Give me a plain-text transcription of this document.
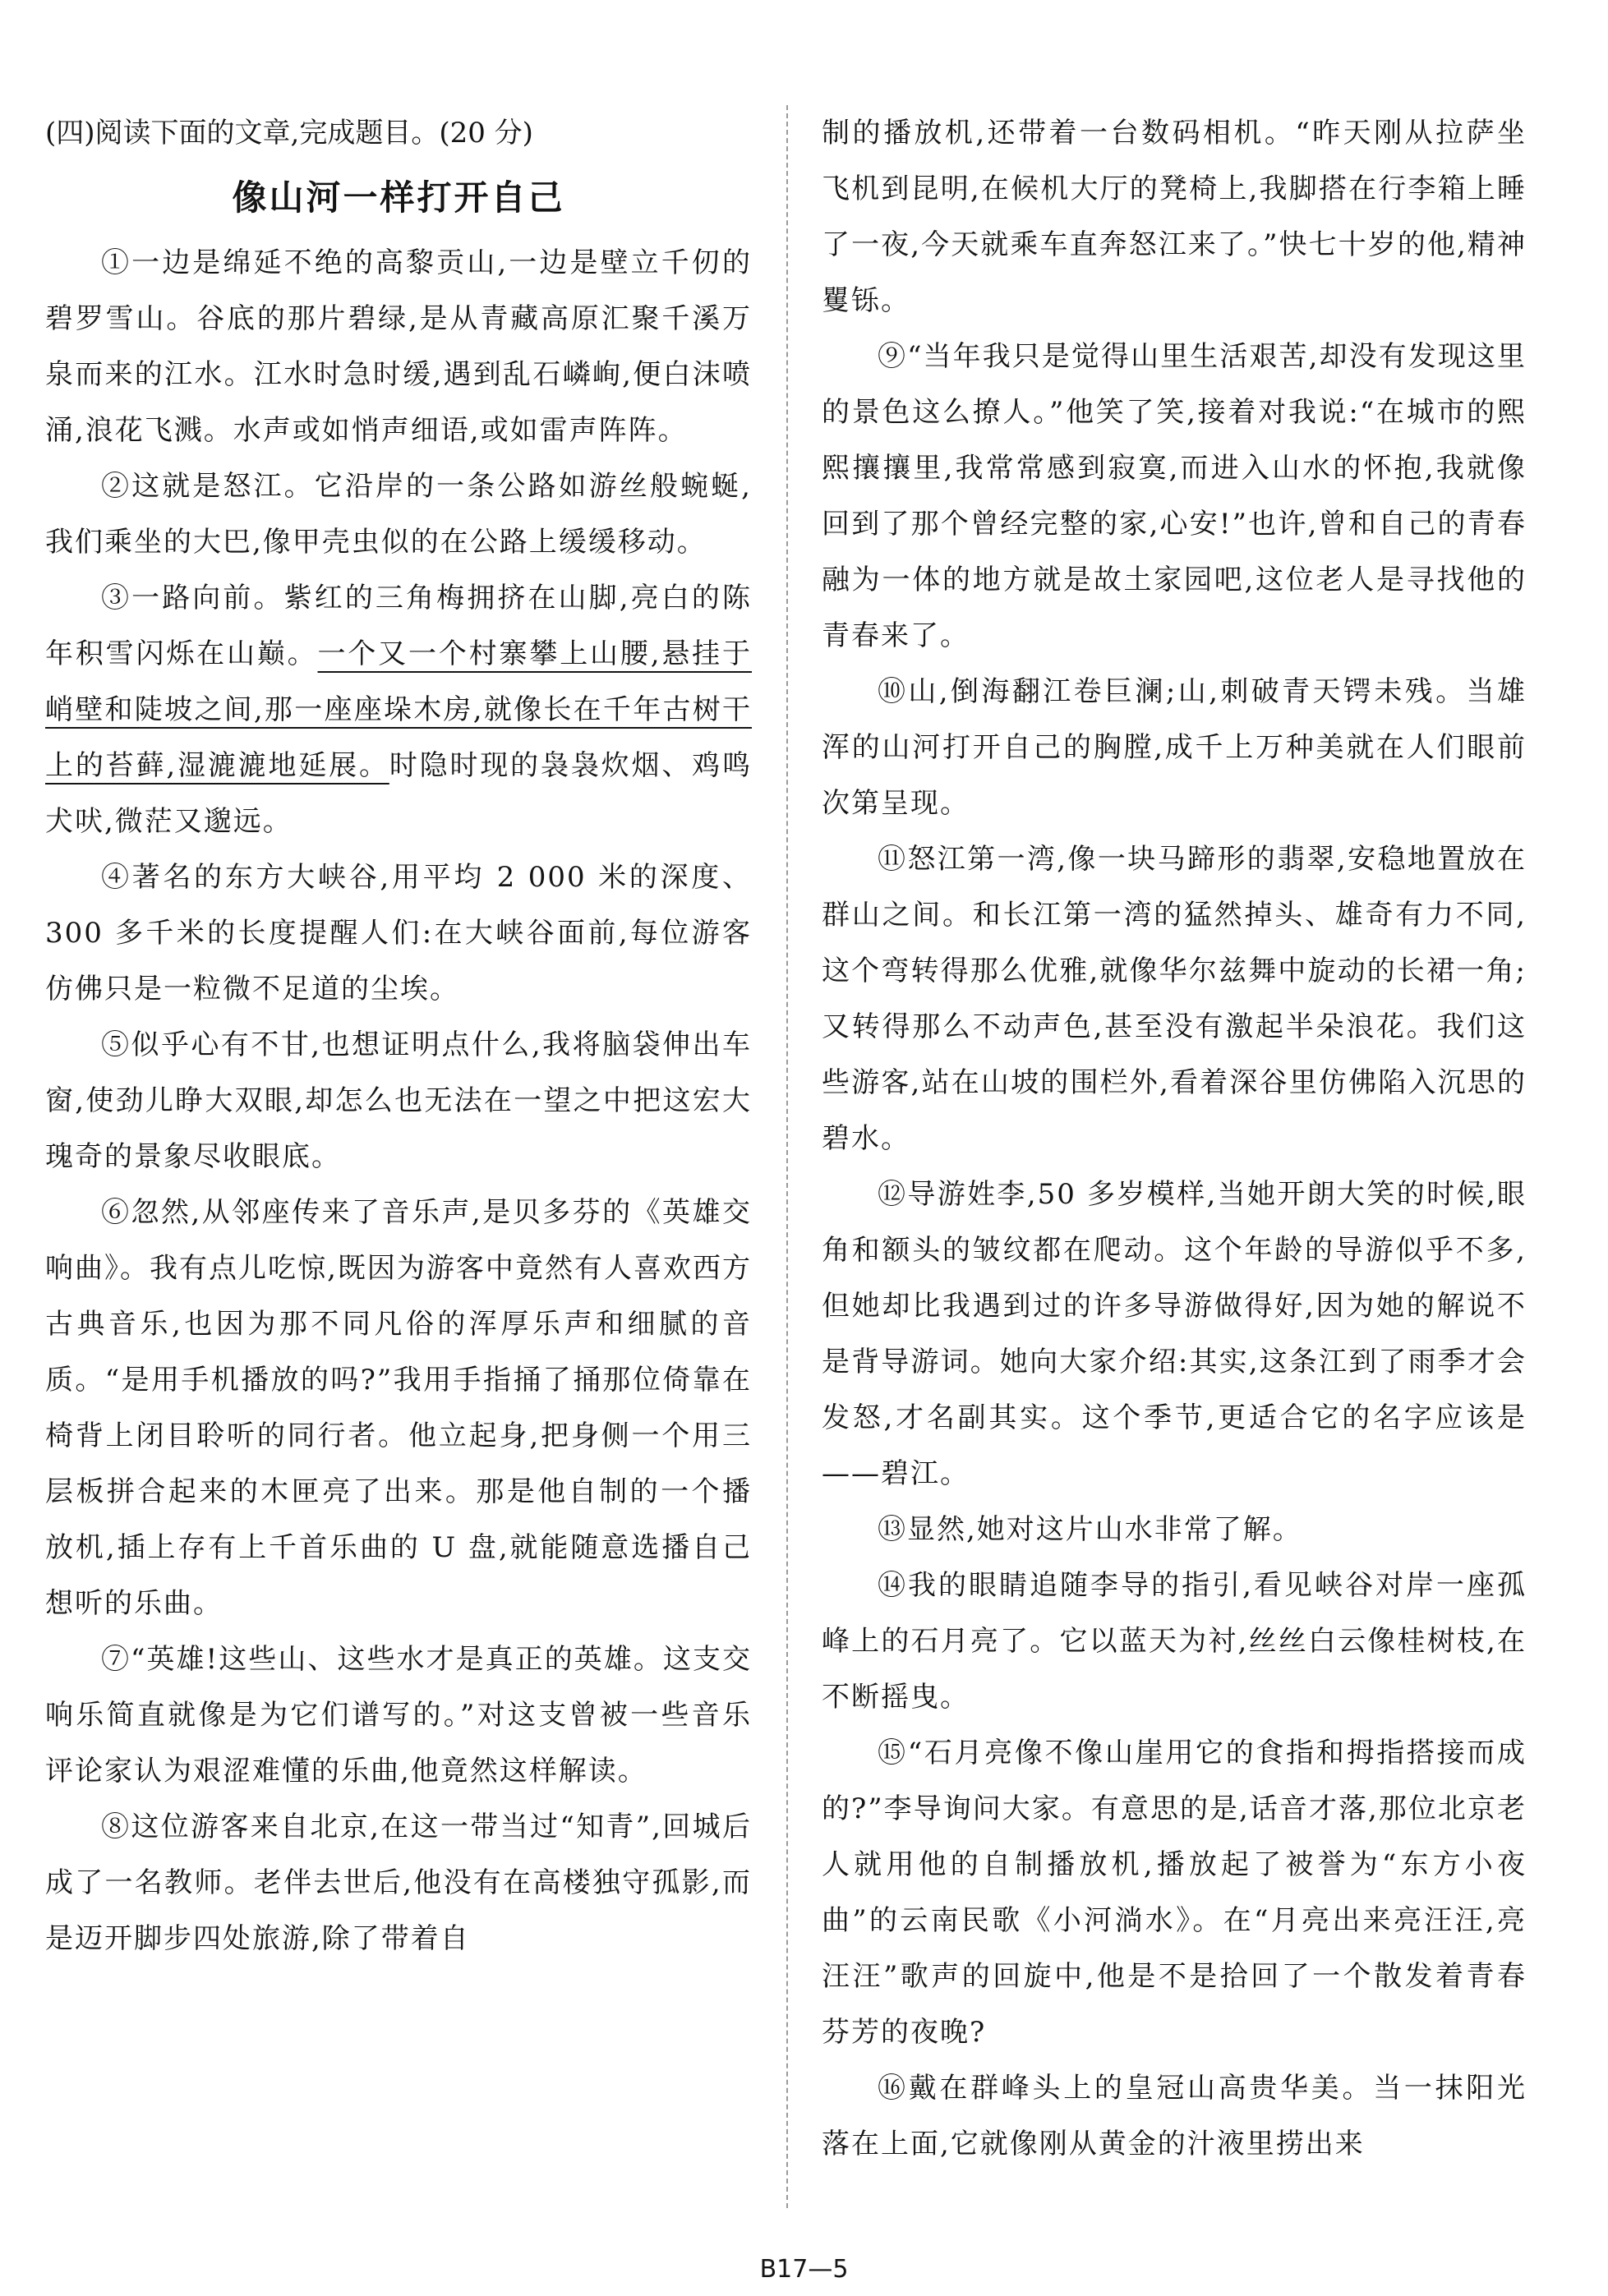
(四)阅读下面的文章,完成题目。(20 分)

像山河一样打开自己

①一边是绵延不绝的高黎贡山,一边是壁立千仞的碧罗雪山。谷底的那片碧绿,是从青藏高原汇聚千溪万泉而来的江水。江水时急时缓,遇到乱石嶙峋,便白沫喷涌,浪花飞溅。水声或如悄声细语,或如雷声阵阵。

②这就是怒江。它沿岸的一条公路如游丝般蜿蜒,我们乘坐的大巴,像甲壳虫似的在公路上缓缓移动。

③一路向前。紫红的三角梅拥挤在山脚,亮白的陈年积雪闪烁在山巅。一个又一个村寨攀上山腰,悬挂于峭壁和陡坡之间,那一座座垛木房,就像长在千年古树干上的苔藓,湿漉漉地延展。时隐时现的袅袅炊烟、鸡鸣犬吠,微茫又邈远。

④著名的东方大峡谷,用平均 2 000 米的深度、300 多千米的长度提醒人们:在大峡谷面前,每位游客仿佛只是一粒微不足道的尘埃。

⑤似乎心有不甘,也想证明点什么,我将脑袋伸出车窗,使劲儿睁大双眼,却怎么也无法在一望之中把这宏大瑰奇的景象尽收眼底。

⑥忽然,从邻座传来了音乐声,是贝多芬的《英雄交响曲》。我有点儿吃惊,既因为游客中竟然有人喜欢西方古典音乐,也因为那不同凡俗的浑厚乐声和细腻的音质。“是用手机播放的吗?”我用手指捅了捅那位倚靠在椅背上闭目聆听的同行者。他立起身,把身侧一个用三层板拼合起来的木匣亮了出来。那是他自制的一个播放机,插上存有上千首乐曲的 U 盘,就能随意选播自己想听的乐曲。

⑦“英雄!这些山、这些水才是真正的英雄。这支交响乐简直就像是为它们谱写的。”对这支曾被一些音乐评论家认为艰涩难懂的乐曲,他竟然这样解读。

⑧这位游客来自北京,在这一带当过“知青”,回城后成了一名教师。老伴去世后,他没有在高楼独守孤影,而是迈开脚步四处旅游,除了带着自

制的播放机,还带着一台数码相机。“昨天刚从拉萨坐飞机到昆明,在候机大厅的凳椅上,我脚搭在行李箱上睡了一夜,今天就乘车直奔怒江来了。”快七十岁的他,精神矍铄。

⑨“当年我只是觉得山里生活艰苦,却没有发现这里的景色这么撩人。”他笑了笑,接着对我说:“在城市的熙熙攘攘里,我常常感到寂寞,而进入山水的怀抱,我就像回到了那个曾经完整的家,心安!”也许,曾和自己的青春融为一体的地方就是故土家园吧,这位老人是寻找他的青春来了。

⑩山,倒海翻江卷巨澜;山,刺破青天锷未残。当雄浑的山河打开自己的胸膛,成千上万种美就在人们眼前次第呈现。

⑪怒江第一湾,像一块马蹄形的翡翠,安稳地置放在群山之间。和长江第一湾的猛然掉头、雄奇有力不同,这个弯转得那么优雅,就像华尔兹舞中旋动的长裙一角;又转得那么不动声色,甚至没有激起半朵浪花。我们这些游客,站在山坡的围栏外,看着深谷里仿佛陷入沉思的碧水。

⑫导游姓李,50 多岁模样,当她开朗大笑的时候,眼角和额头的皱纹都在爬动。这个年龄的导游似乎不多,但她却比我遇到过的许多导游做得好,因为她的解说不是背导游词。她向大家介绍:其实,这条江到了雨季才会发怒,才名副其实。这个季节,更适合它的名字应该是——碧江。

⑬显然,她对这片山水非常了解。

⑭我的眼睛追随李导的指引,看见峡谷对岸一座孤峰上的石月亮了。它以蓝天为衬,丝丝白云像桂树枝,在不断摇曳。

⑮“石月亮像不像山崖用它的食指和拇指搭接而成的?”李导询问大家。有意思的是,话音才落,那位北京老人就用他的自制播放机,播放起了被誉为“东方小夜曲”的云南民歌《小河淌水》。在“月亮出来亮汪汪,亮汪汪”歌声的回旋中,他是不是拾回了一个散发着青春芬芳的夜晚?

⑯戴在群峰头上的皇冠山高贵华美。当一抹阳光落在上面,它就像刚从黄金的汁液里捞出来

B17—5
